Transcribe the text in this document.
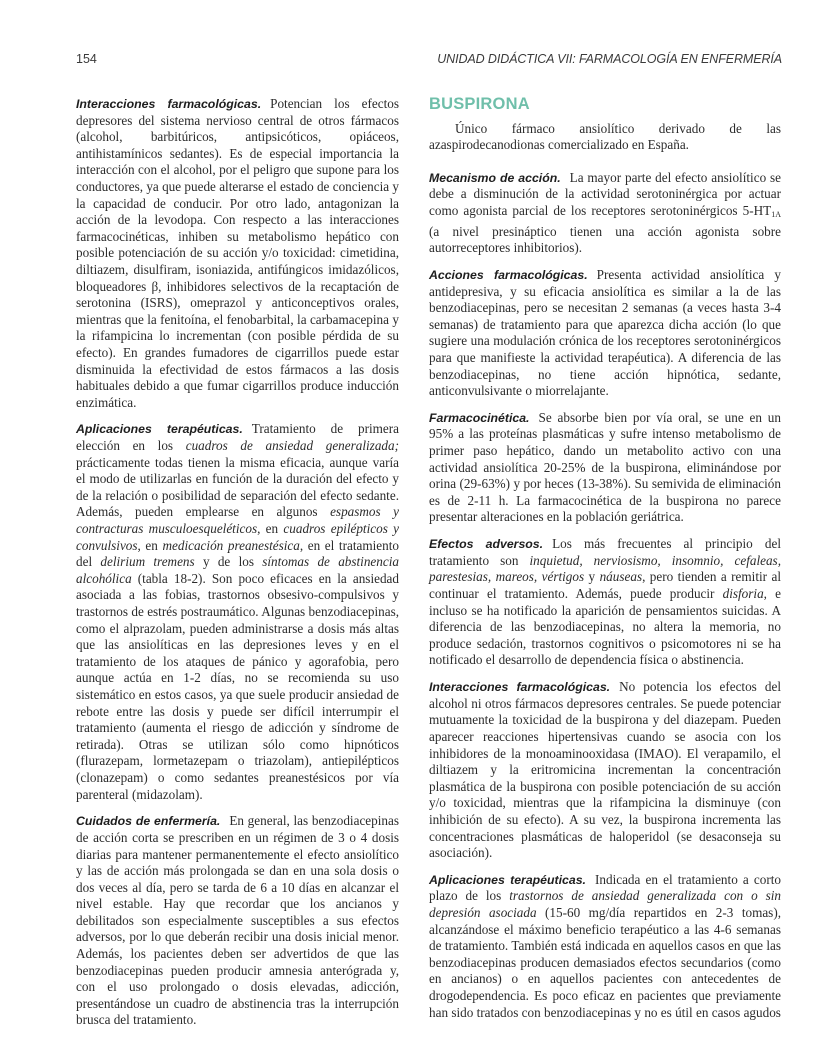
154	UNIDAD DIDÁCTICA VII: FARMACOLOGÍA EN ENFERMERÍA

Interacciones farmacológicas. Potencian los efectos depresores del sistema nervioso central de otros fármacos (alcohol, barbitúricos, antipsicóticos, opiáceos, antihistamínicos sedantes). Es de especial importancia la interacción con el alcohol, por el peligro que supone para los conductores, ya que puede alterarse el estado de conciencia y la capacidad de conducir. Por otro lado, antagonizan la acción de la levodopa. Con respecto a las interacciones farmacocinéticas, inhiben su metabolismo hepático con posible potenciación de su acción y/o toxicidad: cimetidina, diltiazem, disulfiram, isoniazida, antifúngicos imidazólicos, bloqueadores β, inhibidores selectivos de la recaptación de serotonina (ISRS), omeprazol y anticonceptivos orales, mientras que la fenitoína, el fenobarbital, la carbamacepina y la rifampicina lo incrementan (con posible pérdida de su efecto). En grandes fumadores de cigarrillos puede estar disminuida la efectividad de estos fármacos a las dosis habituales debido a que fumar cigarrillos produce inducción enzimática.

Aplicaciones terapéuticas. Tratamiento de primera elección en los cuadros de ansiedad generalizada; prácticamente todas tienen la misma eficacia, aunque varía el modo de utilizarlas en función de la duración del efecto y de la relación o posibilidad de separación del efecto sedante. Además, pueden emplearse en algunos espasmos y contracturas musculoesqueléticos, en cuadros epilépticos y convulsivos, en medicación preanestésica, en el tratamiento del delirium tremens y de los síntomas de abstinencia alcohólica (tabla 18-2). Son poco eficaces en la ansiedad asociada a las fobias, trastornos obsesivo-compulsivos y trastornos de estrés postraumático. Algunas benzodiacepinas, como el alprazolam, pueden administrarse a dosis más altas que las ansiolíticas en las depresiones leves y en el tratamiento de los ataques de pánico y agorafobia, pero aunque actúa en 1-2 días, no se recomienda su uso sistemático en estos casos, ya que suele producir ansiedad de rebote entre las dosis y puede ser difícil interrumpir el tratamiento (aumenta el riesgo de adicción y síndrome de retirada). Otras se utilizan sólo como hipnóticos (flurazepam, lormetazepam o triazolam), antiepilépticos (clonazepam) o como sedantes preanestésicos por vía parenteral (midazolam).

Cuidados de enfermería. En general, las benzodiacepinas de acción corta se prescriben en un régimen de 3 o 4 dosis diarias para mantener permanentemente el efecto ansiolítico y las de acción más prolongada se dan en una sola dosis o dos veces al día, pero se tarda de 6 a 10 días en alcanzar el nivel estable. Hay que recordar que los ancianos y debilitados son especialmente susceptibles a sus efectos adversos, por lo que deberán recibir una dosis inicial menor. Además, los pacientes deben ser advertidos de que las benzodiacepinas pueden producir amnesia anterógrada y, con el uso prolongado o dosis elevadas, adicción, presentándose un cuadro de abstinencia tras la interrupción brusca del tratamiento.

BUSPIRONA

Único fármaco ansiolítico derivado de las azaspirodecanodionas comercializado en España.

Mecanismo de acción. La mayor parte del efecto ansiolítico se debe a disminución de la actividad serotoninérgica por actuar como agonista parcial de los receptores serotoninérgicos $5-HT_{1A}$ (a nivel presináptico tienen una acción agonista sobre autorreceptores inhibitorios).

Acciones farmacológicas. Presenta actividad ansiolítica y antidepresiva, y su eficacia ansiolítica es similar a la de las benzodiacepinas, pero se necesitan 2 semanas (a veces hasta 3-4 semanas) de tratamiento para que aparezca dicha acción (lo que sugiere una modulación crónica de los receptores serotoninérgicos para que manifieste la actividad terapéutica). A diferencia de las benzodiacepinas, no tiene acción hipnótica, sedante, anticonvulsivante o miorrelajante.

Farmacocinética. Se absorbe bien por vía oral, se une en un 95% a las proteínas plasmáticas y sufre intenso metabolismo de primer paso hepático, dando un metabolito activo con una actividad ansiolítica 20-25% de la buspirona, eliminándose por orina (29-63%) y por heces (13-38%). Su semivida de eliminación es de 2-11 h. La farmacocinética de la buspirona no parece presentar alteraciones en la población geriátrica.

Efectos adversos. Los más frecuentes al principio del tratamiento son inquietud, nerviosismo, insomnio, cefaleas, parestesias, mareos, vértigos y náuseas, pero tienden a remitir al continuar el tratamiento. Además, puede producir disforia, e incluso se ha notificado la aparición de pensamientos suicidas. A diferencia de las benzodiacepinas, no altera la memoria, no produce sedación, trastornos cognitivos o psicomotores ni se ha notificado el desarrollo de dependencia física o abstinencia.

Interacciones farmacológicas. No potencia los efectos del alcohol ni otros fármacos depresores centrales. Se puede potenciar mutuamente la toxicidad de la buspirona y del diazepam. Pueden aparecer reacciones hipertensivas cuando se asocia con los inhibidores de la monoaminooxidasa (IMAO). El verapamilo, el diltiazem y la eritromicina incrementan la concentración plasmática de la buspirona con posible potenciación de su acción y/o toxicidad, mientras que la rifampicina la disminuye (con inhibición de su efecto). A su vez, la buspirona incrementa las concentraciones plasmáticas de haloperidol (se desaconseja su asociación).

Aplicaciones terapéuticas. Indicada en el tratamiento a corto plazo de los trastornos de ansiedad generalizada con o sin depresión asociada (15-60 mg/día repartidos en 2-3 tomas), alcanzándose el máximo beneficio terapéutico a las 4-6 semanas de tratamiento. También está indicada en aquellos casos en que las benzodiacepinas producen demasiados efectos secundarios (como en ancianos) o en aquellos pacientes con antecedentes de drogodependencia. Es poco eficaz en pacientes que previamente han sido tratados con benzodiacepinas y no es útil en casos agudos
